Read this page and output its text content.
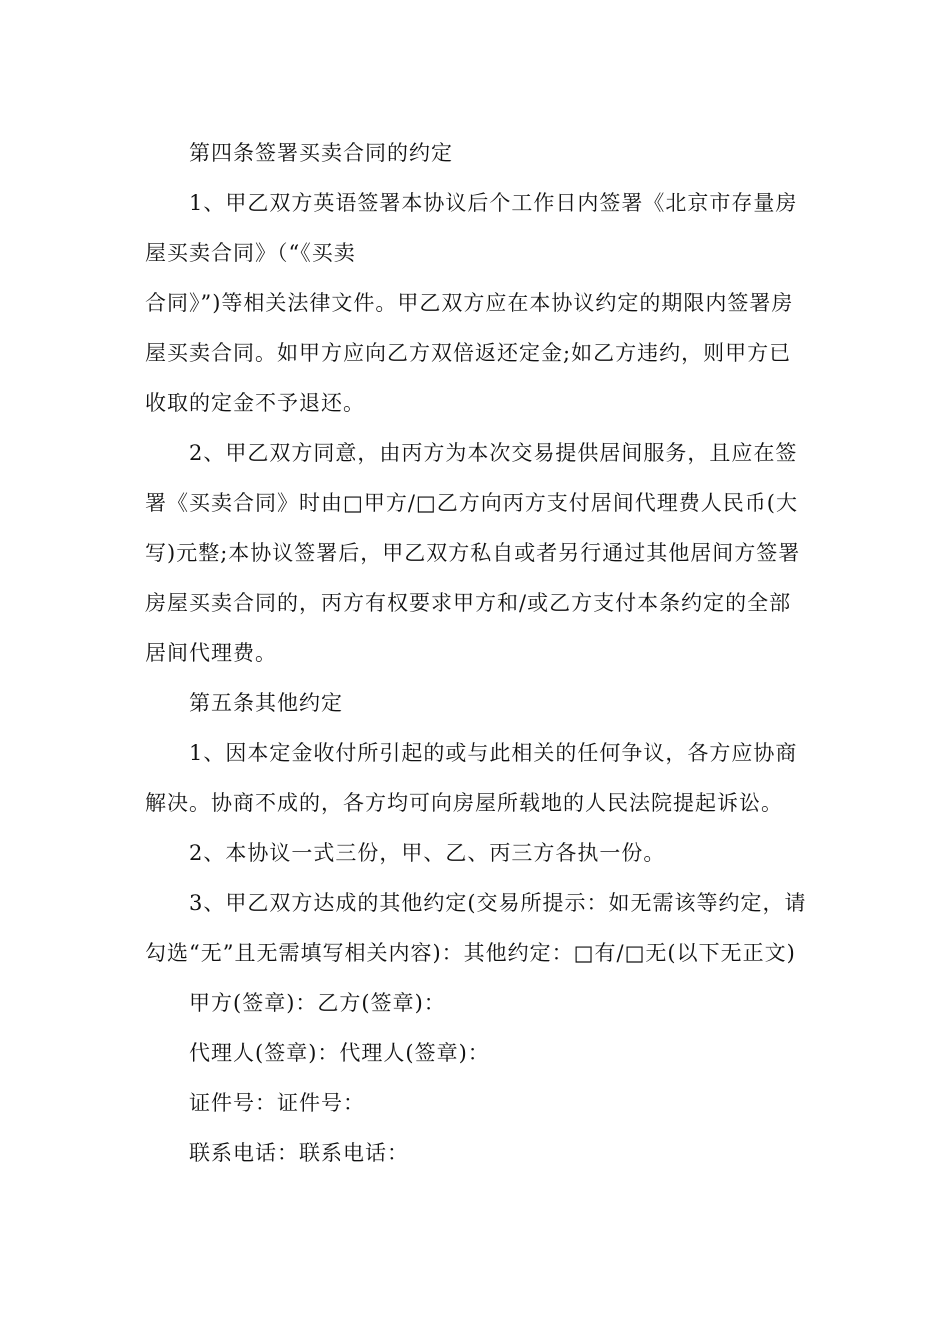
第四条签署买卖合同的约定

1、甲乙双方英语签署本协议后个工作日内签署《北京市存量房屋买卖合同》（“《买卖

合同》”)等相关法律文件。甲乙双方应在本协议约定的期限内签署房屋买卖合同。如甲方应向乙方双倍返还定金;如乙方违约，则甲方已收取的定金不予退还。

2、甲乙双方同意，由丙方为本次交易提供居间服务，且应在签署《买卖合同》时由□甲方/□乙方向丙方支付居间代理费人民币(大写)元整;本协议签署后，甲乙双方私自或者另行通过其他居间方签署房屋买卖合同的，丙方有权要求甲方和/或乙方支付本条约定的全部居间代理费。

第五条其他约定

1、因本定金收付所引起的或与此相关的任何争议，各方应协商解决。协商不成的，各方均可向房屋所载地的人民法院提起诉讼。

2、本协议一式三份，甲、乙、丙三方各执一份。

3、甲乙双方达成的其他约定(交易所提示：如无需该等约定，请勾选“无”且无需填写相关内容)：其他约定：□有/□无(以下无正文)

甲方(签章)：乙方(签章)：

代理人(签章)：代理人(签章)：

证件号：证件号：

联系电话：联系电话：
